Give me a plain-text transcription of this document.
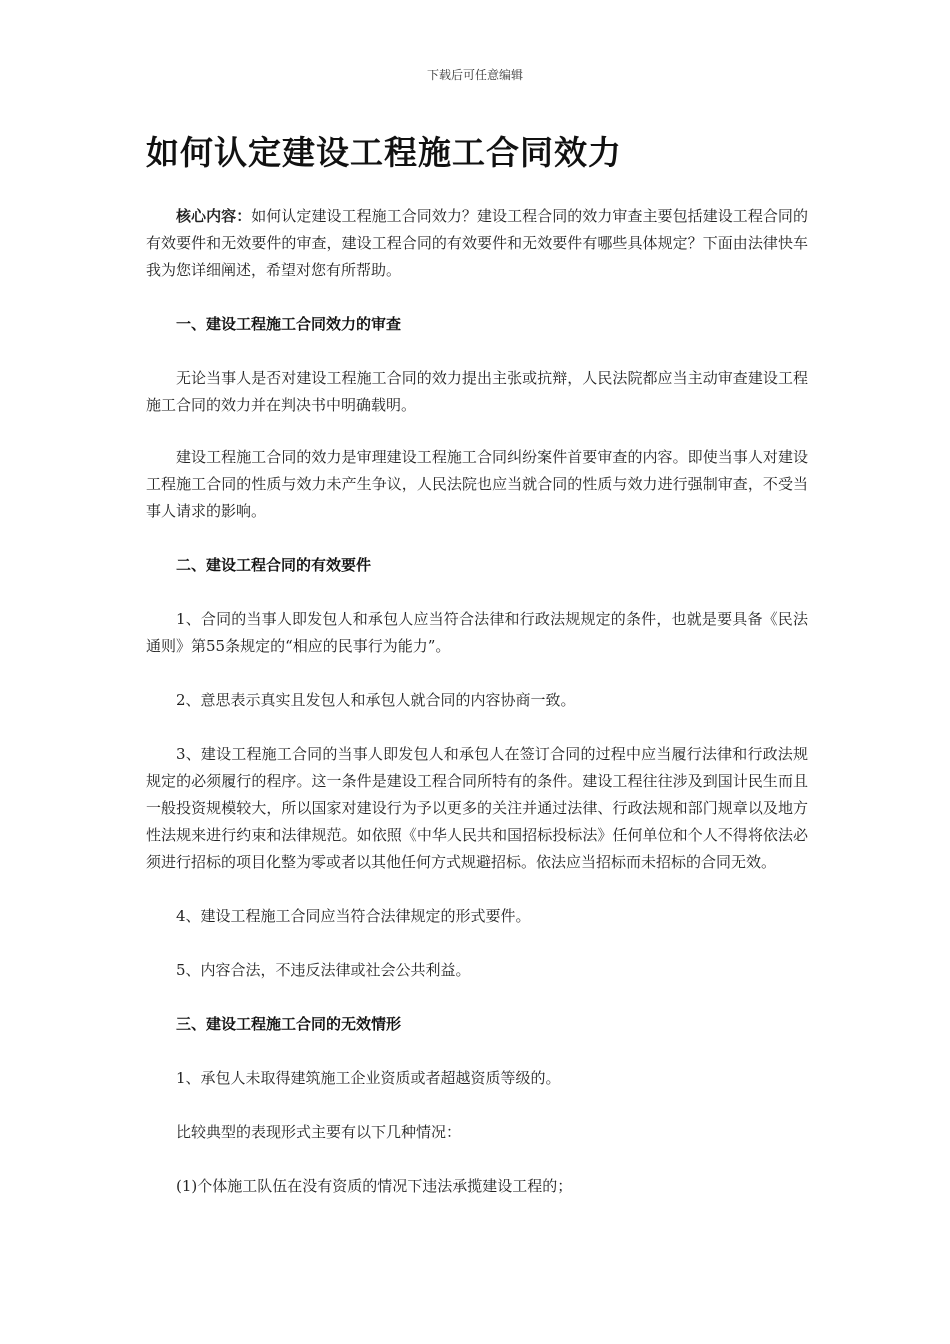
下载后可任意编辑
如何认定建设工程施工合同效力

核心内容：如何认定建设工程施工合同效力？建设工程合同的效力审查主要包括建设工程合同的有效要件和无效要件的审查，建设工程合同的有效要件和无效要件有哪些具体规定？下面由法律快车我为您详细阐述，希望对您有所帮助。

一、建设工程施工合同效力的审查

无论当事人是否对建设工程施工合同的效力提出主张或抗辩，人民法院都应当主动审查建设工程施工合同的效力并在判决书中明确载明。

建设工程施工合同的效力是审理建设工程施工合同纠纷案件首要审查的内容。即使当事人对建设工程施工合同的性质与效力未产生争议，人民法院也应当就合同的性质与效力进行强制审查，不受当事人请求的影响。

二、建设工程合同的有效要件

1、合同的当事人即发包人和承包人应当符合法律和行政法规规定的条件，也就是要具备《民法通则》第55条规定的“相应的民事行为能力”。

2、意思表示真实且发包人和承包人就合同的内容协商一致。

3、建设工程施工合同的当事人即发包人和承包人在签订合同的过程中应当履行法律和行政法规规定的必须履行的程序。这一条件是建设工程合同所特有的条件。建设工程往往涉及到国计民生而且一般投资规模较大，所以国家对建设行为予以更多的关注并通过法律、行政法规和部门规章以及地方性法规来进行约束和法律规范。如依照《中华人民共和国招标投标法》任何单位和个人不得将依法必须进行招标的项目化整为零或者以其他任何方式规避招标。依法应当招标而未招标的合同无效。

4、建设工程施工合同应当符合法律规定的形式要件。

5、内容合法，不违反法律或社会公共利益。

三、建设工程施工合同的无效情形

1、承包人未取得建筑施工企业资质或者超越资质等级的。

比较典型的表现形式主要有以下几种情况：

(1)个体施工队伍在没有资质的情况下违法承揽建设工程的；
